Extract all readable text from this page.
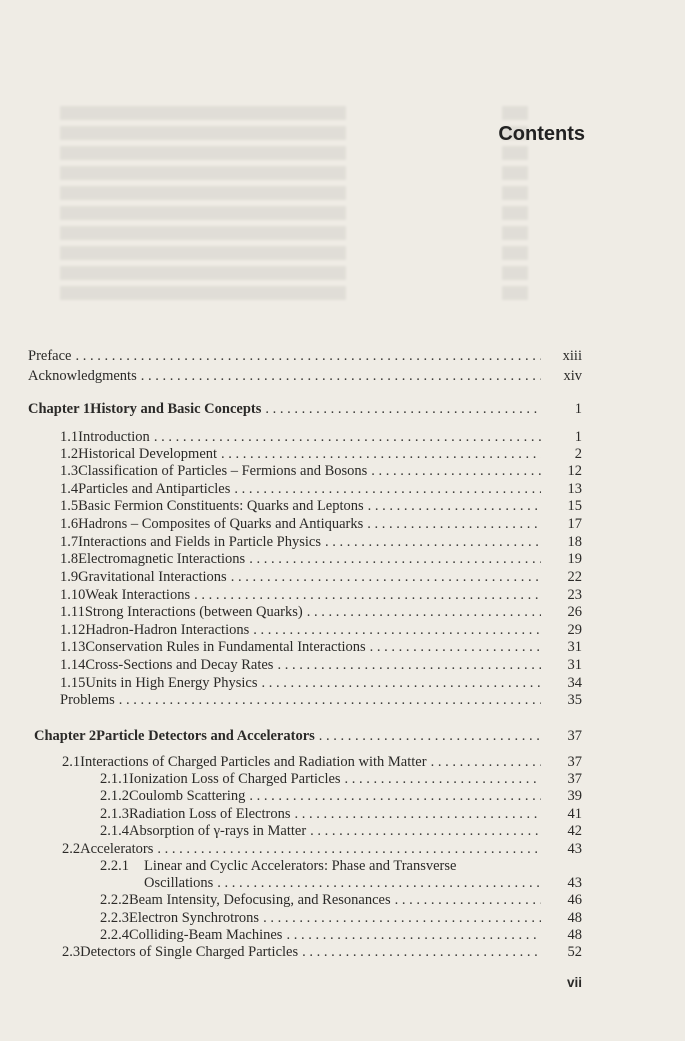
Contents
Preface . . .	xiii
Acknowledgments . . .	xiv
Chapter 1 History and Basic Concepts . . .	1
1.1 Introduction . . .	1
1.2 Historical Development . . .	2
1.3 Classification of Particles – Fermions and Bosons . . .	12
1.4 Particles and Antiparticles . . .	13
1.5 Basic Fermion Constituents: Quarks and Leptons . . .	15
1.6 Hadrons – Composites of Quarks and Antiquarks . . .	17
1.7 Interactions and Fields in Particle Physics . . .	18
1.8 Electromagnetic Interactions . . .	19
1.9 Gravitational Interactions . . .	22
1.10 Weak Interactions . . .	23
1.11 Strong Interactions (between Quarks) . . .	26
1.12 Hadron-Hadron Interactions . . .	29
1.13 Conservation Rules in Fundamental Interactions . . .	31
1.14 Cross-Sections and Decay Rates . . .	31
1.15 Units in High Energy Physics . . .	34
Problems . . .	35
Chapter 2 Particle Detectors and Accelerators . . .	37
2.1 Interactions of Charged Particles and Radiation with Matter . . .	37
2.1.1 Ionization Loss of Charged Particles . . .	37
2.1.2 Coulomb Scattering . . .	39
2.1.3 Radiation Loss of Electrons . . .	41
2.1.4 Absorption of γ-rays in Matter . . .	42
2.2 Accelerators . . .	43
2.2.1	Linear and Cyclic Accelerators: Phase and Transverse
Oscillations . . .	43
2.2.2 Beam Intensity, Defocusing, and Resonances . . .	46
2.2.3 Electron Synchrotrons . . .	48
2.2.4 Colliding-Beam Machines . . .	48
2.3 Detectors of Single Charged Particles . . .	52
vii
